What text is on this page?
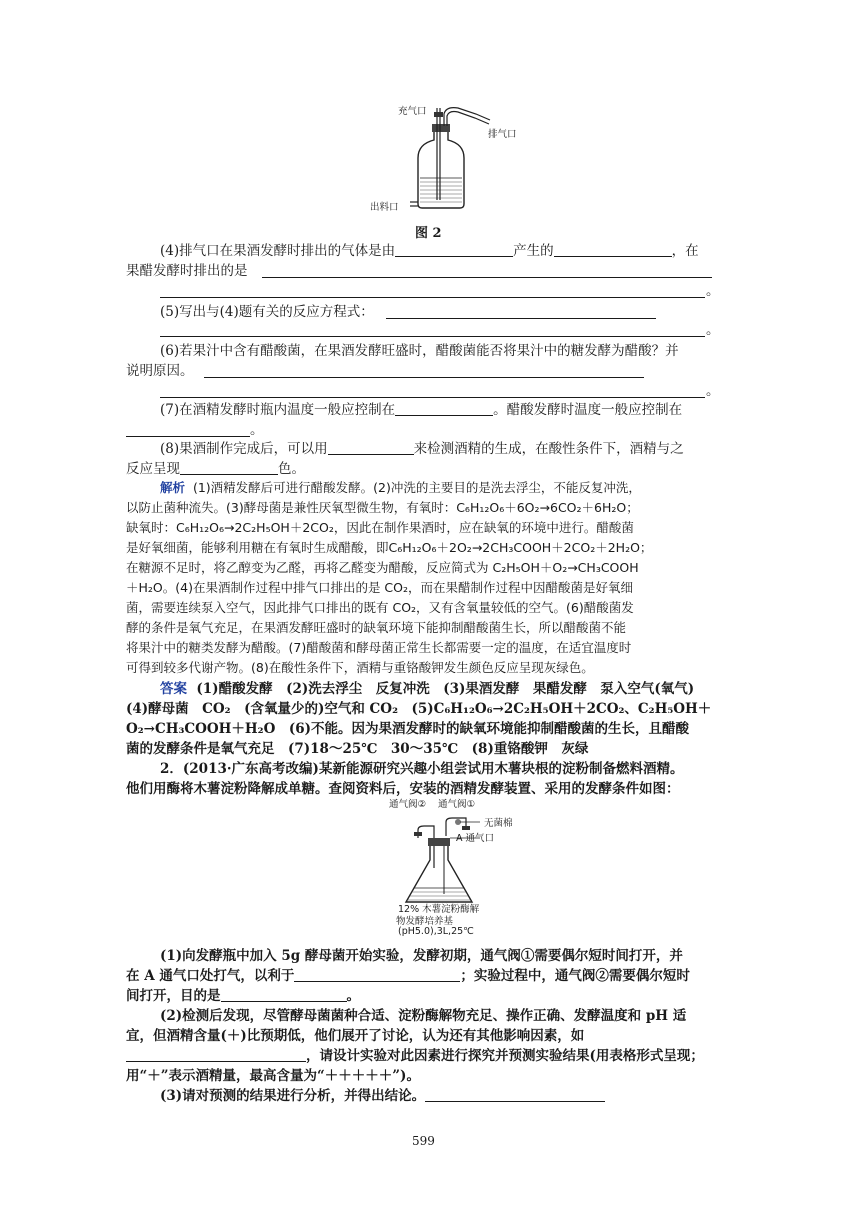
充气口
排气口
出料口
图 2
(4)排气口在果酒发酵时排出的气体是由	产生的	，在
果醋发酵时排出的是
。
(5)写出与(4)题有关的反应方程式：
。
(6)若果汁中含有醋酸菌，在果酒发酵旺盛时，醋酸菌能否将果汁中的糖发酵为醋酸？并
说明原因。
。
(7)在酒精发酵时瓶内温度一般应控制在	。醋酸发酵时温度一般应控制在
。
(8)果酒制作完成后，可以用	来检测酒精的生成，在酸性条件下，酒精与之
反应呈现	色。
解析 (1)酒精发酵后可进行醋酸发酵。(2)冲洗的主要目的是洗去浮尘，不能反复冲洗，
以防止菌种流失。(3)酵母菌是兼性厌氧型微生物，有氧时：C₆H₁₂O₆＋6O₂→6CO₂＋6H₂O；
缺氧时：C₆H₁₂O₆→2C₂H₅OH＋2CO₂，因此在制作果酒时，应在缺氧的环境中进行。醋酸菌
是好氧细菌，能够利用糖在有氧时生成醋酸，即C₆H₁₂O₆＋2O₂→2CH₃COOH＋2CO₂＋2H₂O；
在糖源不足时，将乙醇变为乙醛，再将乙醛变为醋酸，反应简式为 C₂H₅OH＋O₂→CH₃COOH
＋H₂O。(4)在果酒制作过程中排气口排出的是 CO₂，而在果醋制作过程中因醋酸菌是好氧细
菌，需要连续泵入空气，因此排气口排出的既有 CO₂，又有含氧量较低的空气。(6)醋酸菌发
酵的条件是氧气充足，在果酒发酵旺盛时的缺氧环境下能抑制醋酸菌生长，所以醋酸菌不能
将果汁中的糖类发酵为醋酸。(7)醋酸菌和酵母菌正常生长都需要一定的温度，在适宜温度时
可得到较多代谢产物。(8)在酸性条件下，酒精与重铬酸钾发生颜色反应呈现灰绿色。
答案 (1)醋酸发酵　(2)洗去浮尘　反复冲洗　(3)果酒发酵　果醋发酵　泵入空气(氧气)
(4)酵母菌　CO₂　(含氧量少的)空气和 CO₂　(5)C₆H₁₂O₆→2C₂H₅OH＋2CO₂、C₂H₅OH＋
O₂→CH₃COOH＋H₂O　(6)不能。因为果酒发酵时的缺氧环境能抑制醋酸菌的生长，且醋酸
菌的发酵条件是氧气充足　(7)18～25℃　30～35℃　(8)重铬酸钾　灰绿
2．(2013·广东高考改编)某新能源研究兴趣小组尝试用木薯块根的淀粉制备燃料酒精。
他们用酶将木薯淀粉降解成单糖。查阅资料后，安装的酒精发酵装置、采用的发酵条件如图：
通气阀② 通气阀①
无菌棉
A 通气口
12% 木薯淀粉酶解
物发酵培养基
(pH5.0),3L,25℃
(1)向发酵瓶中加入 5g 酵母菌开始实验，发酵初期，通气阀①需要偶尔短时间打开，并
在 A 通气口处打气，以利于	；实验过程中，通气阀②需要偶尔短时
间打开，目的是	。
(2)检测后发现，尽管酵母菌菌种合适、淀粉酶解物充足、操作正确、发酵温度和 pH 适
宜，但酒精含量(＋)比预期低，他们展开了讨论，认为还有其他影响因素，如
，请设计实验对此因素进行探究并预测实验结果(用表格形式呈现；
用“＋”表示酒精量，最高含量为“＋＋＋＋＋”)。
(3)请对预测的结果进行分析，并得出结论。
599
